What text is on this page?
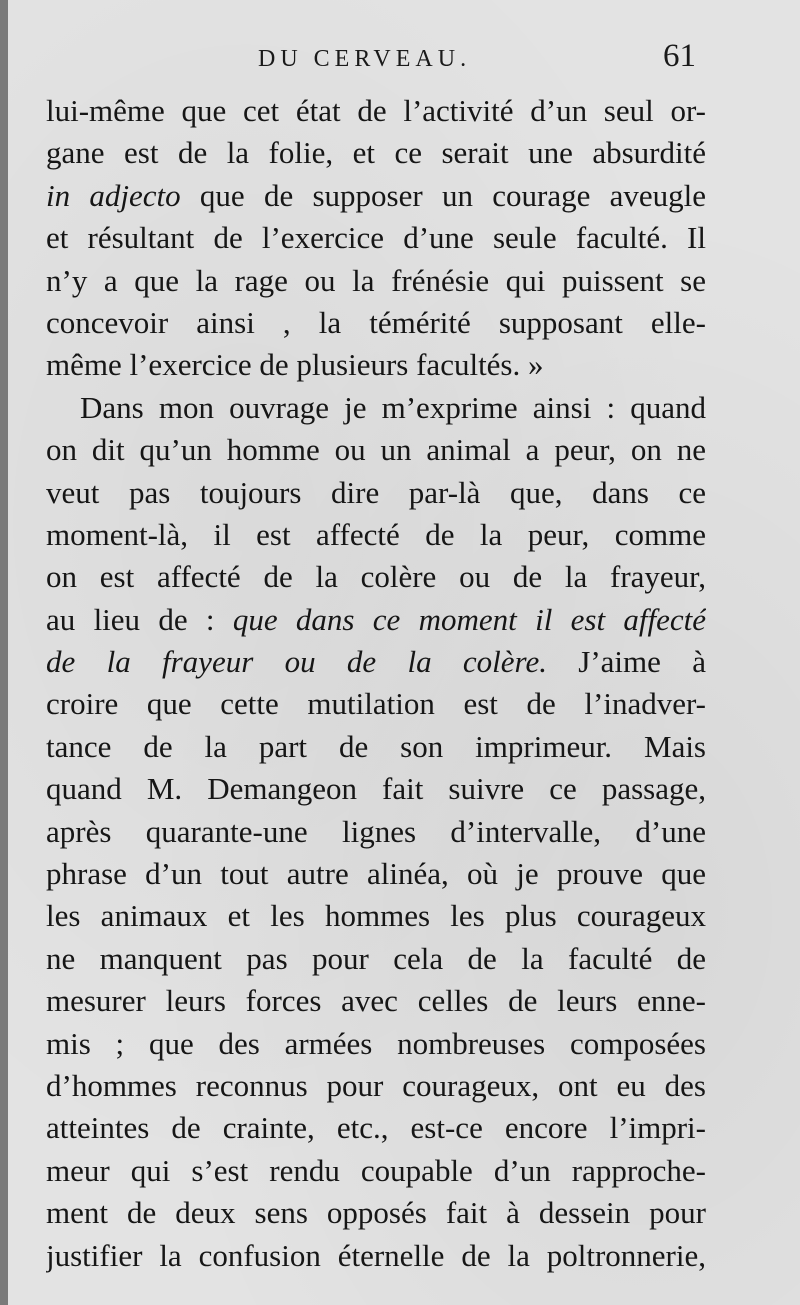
DU CERVEAU.	61
lui-même que cet état de l’activité d’un seul or-
gane est de la folie, et ce serait une absurdité
in adjecto que de supposer un courage aveugle
et résultant de l’exercice d’une seule faculté. Il
n’y a que la rage ou la frénésie qui puissent se
concevoir ainsi , la témérité supposant elle-
même l’exercice de plusieurs facultés. »
Dans mon ouvrage je m’exprime ainsi : quand
on dit qu’un homme ou un animal a peur, on ne
veut pas toujours dire par-là que, dans ce
moment-là, il est affecté de la peur, comme
on est affecté de la colère ou de la frayeur,
au lieu de : que dans ce moment il est affecté
de la frayeur ou de la colère. J’aime à
croire que cette mutilation est de l’inadver-
tance de la part de son imprimeur. Mais
quand M. Demangeon fait suivre ce passage,
après quarante-une lignes d’intervalle, d’une
phrase d’un tout autre alinéa, où je prouve que
les animaux et les hommes les plus courageux
ne manquent pas pour cela de la faculté de
mesurer leurs forces avec celles de leurs enne-
mis ; que des armées nombreuses composées
d’hommes reconnus pour courageux, ont eu des
atteintes de crainte, etc., est-ce encore l’impri-
meur qui s’est rendu coupable d’un rapproche-
ment de deux sens opposés fait à dessein pour
justifier la confusion éternelle de la poltronnerie,
